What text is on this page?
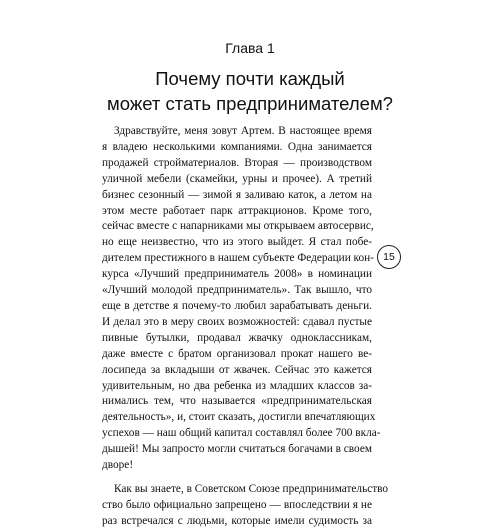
Глава 1
Почему почти каждый
может стать предпринимателем?
Здравствуйте, меня зовут Артем. В настоящее время
я владею несколькими компаниями. Одна занимается
продажей стройматериалов. Вторая — производством
уличной мебели (скамейки, урны и прочее). А третий
бизнес сезонный — зимой я заливаю каток, а летом на
этом месте работает парк аттракционов. Кроме того,
сейчас вместе с напарниками мы открываем автосервис,
но еще неизвестно, что из этого выйдет. Я стал побе-
дителем престижного в нашем субъекте Федерации кон-
курса «Лучший предприниматель 2008» в номинации
«Лучший молодой предприниматель». Так вышло, что
еще в детстве я почему-то любил зарабатывать деньги.
И делал это в меру своих возможностей: сдавал пустые
пивные бутылки, продавал жвачку одноклассникам,
даже вместе с братом организовал прокат нашего ве-
лосипеда за вкладыши от жвачек. Сейчас это кажется
удивительным, но два ребенка из младших классов за-
нимались тем, что называется «предпринимательская
деятельность», и, стоит сказать, достигли впечатляющих
успехов — наш общий капитал составлял более 700 вкла-
дышей! Мы запросто могли считаться богачами в своем
дворе!
Как вы знаете, в Советском Союзе предпринимательство
ство было официально запрещено — впоследствии я не
раз встречался с людьми, которые имели судимость за
15
